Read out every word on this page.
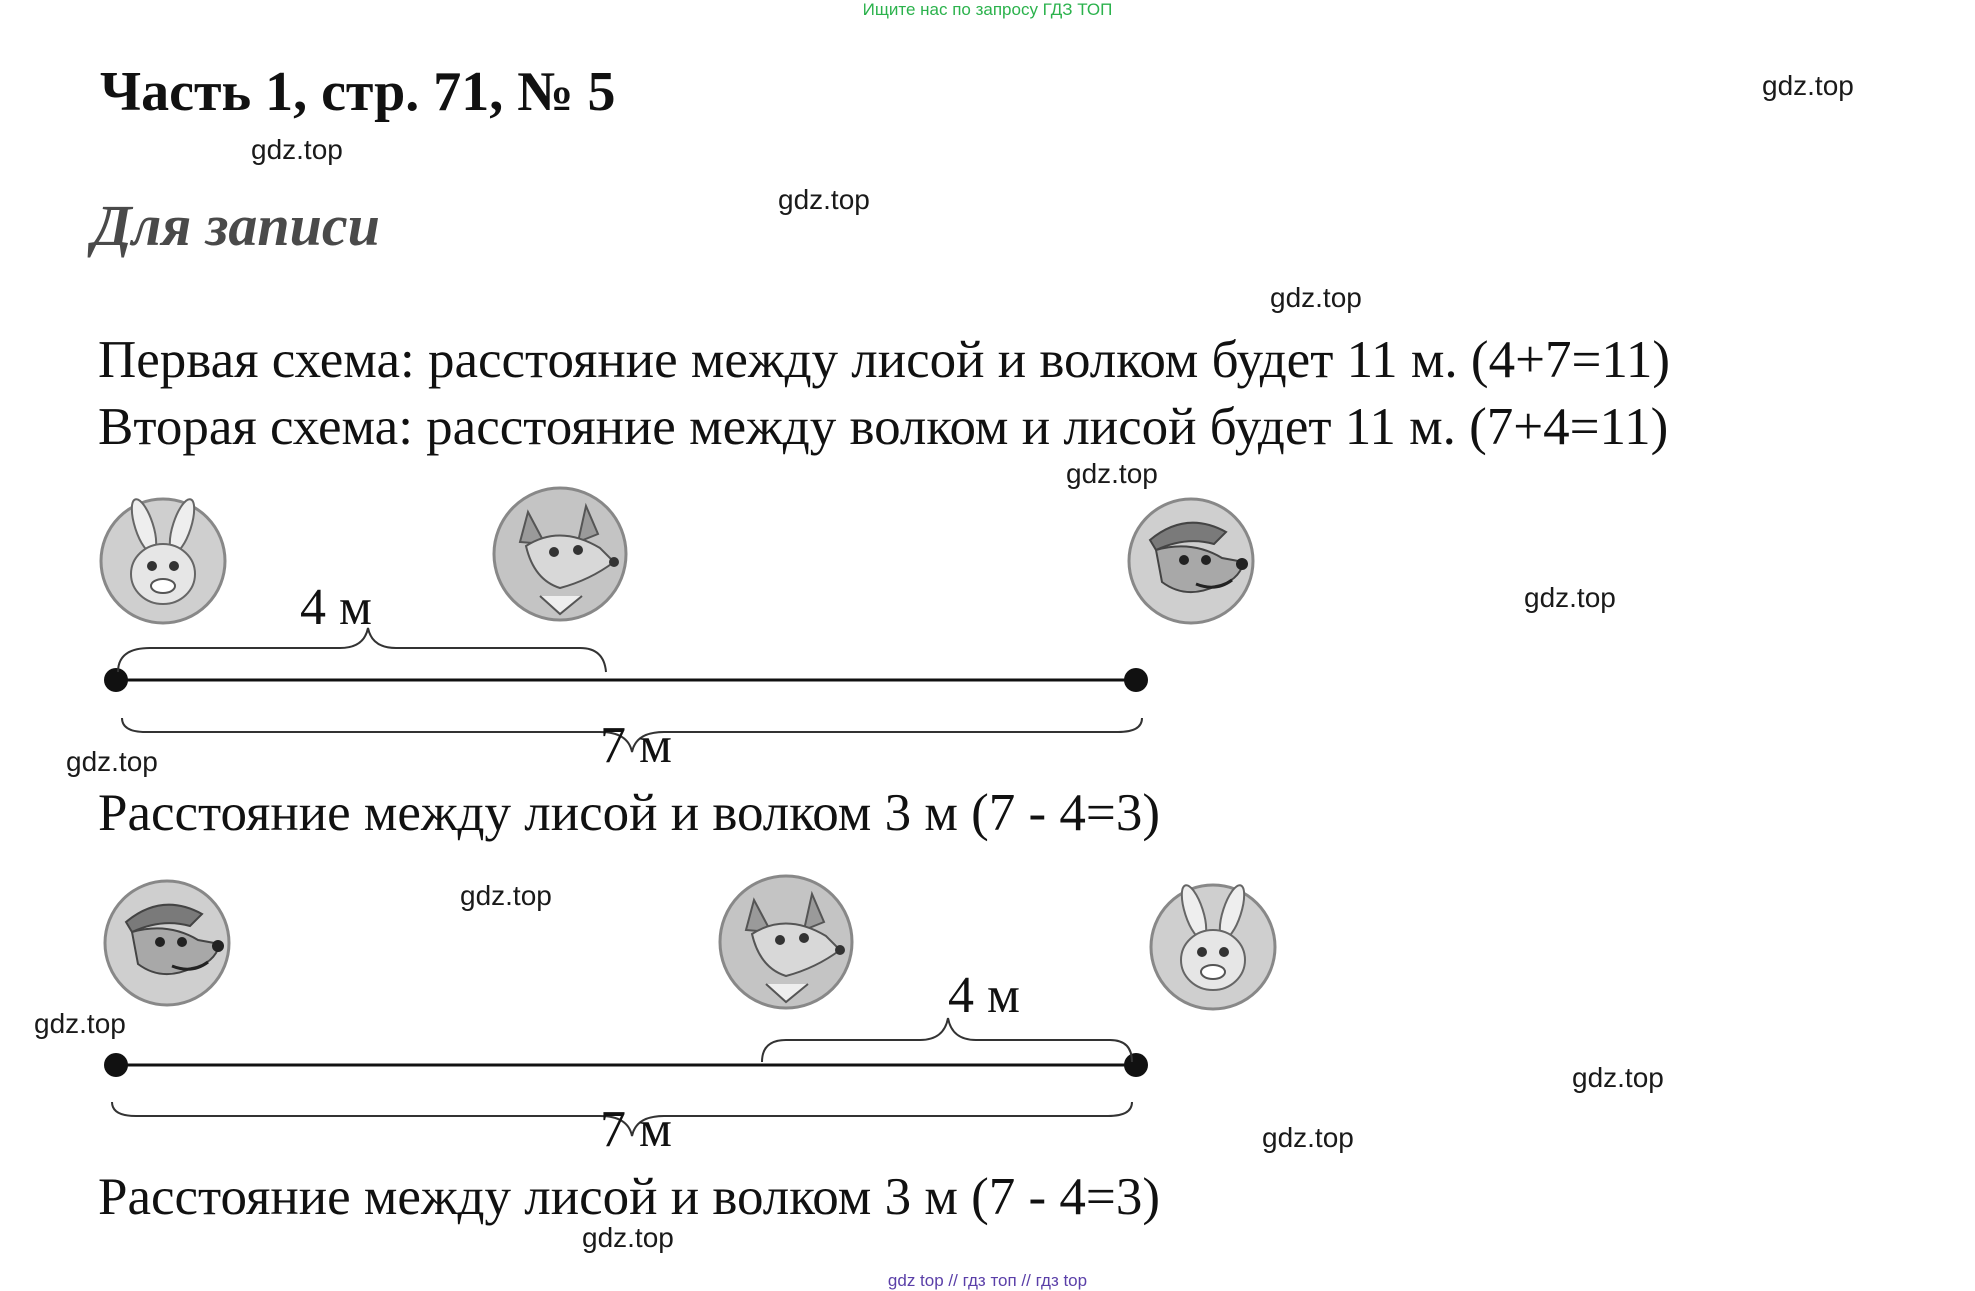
Ищите нас по запросу ГДЗ ТОП
Часть 1, стр. 71, № 5
Для записи
Первая схема: расстояние между лисой и волком будет 11 м. (4+7=11)
Вторая схема: расстояние между волком и лисой будет 11 м. (7+4=11)
Расстояние между лисой и волком 3 м (7 - 4=3)
Расстояние между лисой и волком 3 м (7 - 4=3)
4 м
7 м
4 м
7 м
gdz.top
gdz.top
gdz.top
gdz.top
gdz.top
gdz.top
gdz.top
gdz.top
gdz.top
gdz.top
gdz.top
gdz.top
gdz top // гдз топ // гдз top
